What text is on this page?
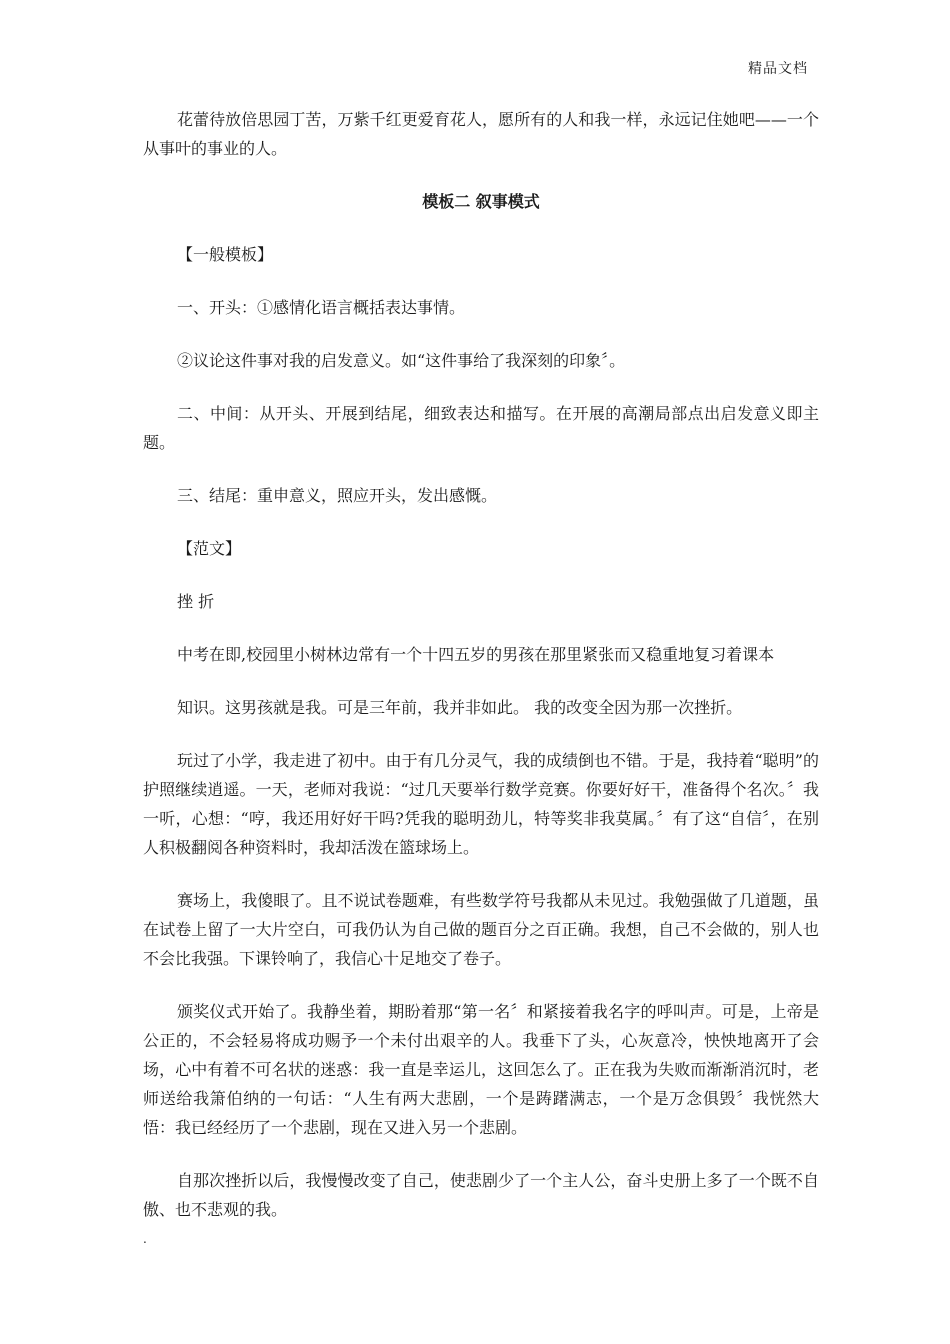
精品文档

花蕾待放倍思园丁苦，万紫千红更爱育花人，愿所有的人和我一样，永远记住她吧——一个从事叶的事业的人。

模板二 叙事模式

【一般模板】

一、开头：①感情化语言概括表达事情。

②议论这件事对我的启发意义。如“这件事给了我深刻的印象〞。

二、中间：从开头、开展到结尾，细致表达和描写。在开展的高潮局部点出启发意义即主题。

三、结尾：重申意义，照应开头，发出感慨。

【范文】

挫 折

中考在即,校园里小树林边常有一个十四五岁的男孩在那里紧张而又稳重地复习着课本

知识。这男孩就是我。可是三年前，我并非如此。 我的改变全因为那一次挫折。

玩过了小学，我走进了初中。由于有几分灵气，我的成绩倒也不错。于是，我持着“聪明”的护照继续逍遥。一天，老师对我说：“过几天要举行数学竞赛。你要好好干，准备得个名次。〞我一听，心想：“哼，我还用好好干吗?凭我的聪明劲儿，特等奖非我莫属。〞有了这“自信〞，在别人积极翻阅各种资料时，我却活泼在篮球场上。

赛场上，我傻眼了。且不说试卷题难，有些数学符号我都从未见过。我勉强做了几道题，虽在试卷上留了一大片空白，可我仍认为自己做的题百分之百正确。我想，自己不会做的，别人也不会比我强。下课铃响了，我信心十足地交了卷子。

颁奖仪式开始了。我静坐着，期盼着那“第一名〞和紧接着我名字的呼叫声。可是，上帝是公正的，不会轻易将成功赐予一个未付出艰辛的人。我垂下了头，心灰意冷，怏怏地离开了会场，心中有着不可名状的迷惑：我一直是幸运儿，这回怎么了。正在我为失败而渐渐消沉时，老师送给我箫伯纳的一句话：“人生有两大悲剧，一个是踌躇满志，一个是万念俱毁〞我恍然大悟：我已经经历了一个悲剧，现在又进入另一个悲剧。

自那次挫折以后，我慢慢改变了自己，使悲剧少了一个主人公，奋斗史册上多了一个既不自傲、也不悲观的我。

.
